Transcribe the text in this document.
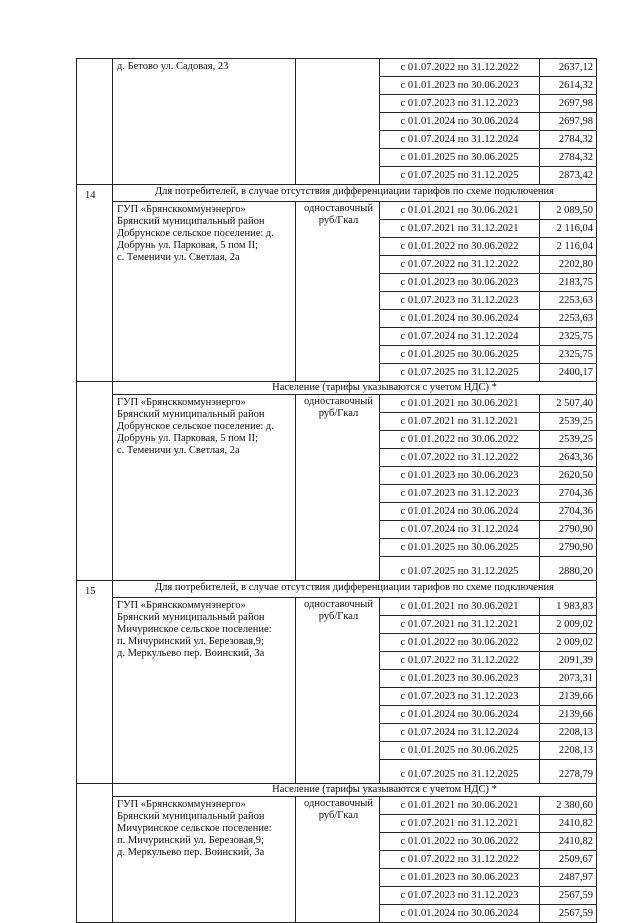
	д. Бетово ул. Садовая, 23		с 01.07.2022 по 31.12.2022	2637,12
			с 01.01.2023 по 30.06.2023	2614,32
			с 01.07.2023 по 31.12.2023	2697,98
			с 01.01.2024 по 30.06.2024	2697,98
			с 01.07.2024 по 31.12.2024	2784,32
			с 01.01.2025 по 30.06.2025	2784,32
			с 01.07.2025 по 31.12.2025	2873,42
14	Для потребителей, в случае отсутствия дифференциации тарифов по схеме подключения			

	ГУП «Брянсккоммунэнерго»
Брянский муниципальный район
Добрунское сельское поселение: д.
Добрунь ул. Парковая, 5 пом II;
с. Теменичи ул. Светлая, 2а	одноставочный руб/Гкал	с 01.01.2021 по 30.06.2021	2 089,50
			с 01.07.2021 по 31.12.2021	2 116,04
			с 01.01.2022 по 30.06.2022	2 116,04
			с 01.07.2022 по 31.12.2022	2202,80
			с 01.01.2023 по 30.06.2023	2183,75
			с 01.07.2023 по 31.12.2023	2253,63
			с 01.01.2024 по 30.06.2024	2253,63
			с 01.07.2024 по 31.12.2024	2325,75
			с 01.01.2025 по 30.06.2025	2325,75
			с 01.07.2025 по 31.12.2025	2400,17
	Население (тарифы указываются с учетом НДС) *			

	ГУП «Брянсккоммунэнерго»
Брянский муниципальный район
Добрунское сельское поселение: д.
Добрунь ул. Парковая, 5 пом II;
с. Теменичи ул. Светлая, 2а	одноставочный руб/Гкал	с 01.01.2021 по 30.06.2021	2 507,40
			с 01.07.2021 по 31.12.2021	2539,25
			с 01.01.2022 по 30.06.2022	2539,25
			с 01.07.2022 по 31.12.2022	2643,36
			с 01.01.2023 по 30.06.2023	2620,50
			с 01.07.2023 по 31.12.2023	2704,36
			с 01.01.2024 по 30.06.2024	2704,36
			с 01.07.2024 по 31.12.2024	2790,90
			с 01.01.2025 по 30.06.2025	2790,90
			с 01.07.2025 по 31.12.2025	2880,20
15	Для потребителей, в случае отсутствия дифференциации тарифов по схеме подключения			

	ГУП «Брянсккоммунэнерго»
Брянский муниципальный район
Мичуринское сельское поселение:
п. Мичуринский ул. Березовая,9;
д. Меркульево пер. Воинский, 3а	одноставочный руб/Гкал	с 01.01.2021 по 30.06.2021	1 983,83
			с 01.07.2021 по 31.12.2021	2 009,02
			с 01.01.2022 по 30.06.2022	2 009,02
			с 01.07.2022 по 31.12.2022	2091,39
			с 01.01.2023 по 30.06.2023	2073,31
			с 01.07.2023 по 31.12.2023	2139,66
			с 01.01.2024 по 30.06.2024	2139,66
			с 01.07.2024 по 31.12.2024	2208,13
			с 01.01.2025 по 30.06.2025	2208,13
			с 01.07.2025 по 31.12.2025	2278,79
	Население (тарифы указываются с учетом НДС) *			

	ГУП «Брянсккоммунэнерго»
Брянский муниципальный район
Мичуринское сельское поселение:
п. Мичуринский ул. Березовая,9;
д. Меркульево пер. Воинский, 3а	одноставочный руб/Гкал	с 01.01.2021 по 30.06.2021	2 380,60
			с 01.07.2021 по 31.12.2021	2410,82
			с 01.01.2022 по 30.06.2022	2410,82
			с 01.07.2022 по 31.12.2022	2509,67
			с 01.01.2023 по 30.06.2023	2487,97
			с 01.07.2023 по 31.12.2023	2567,59
			с 01.01.2024 по 30.06.2024	2567,59
